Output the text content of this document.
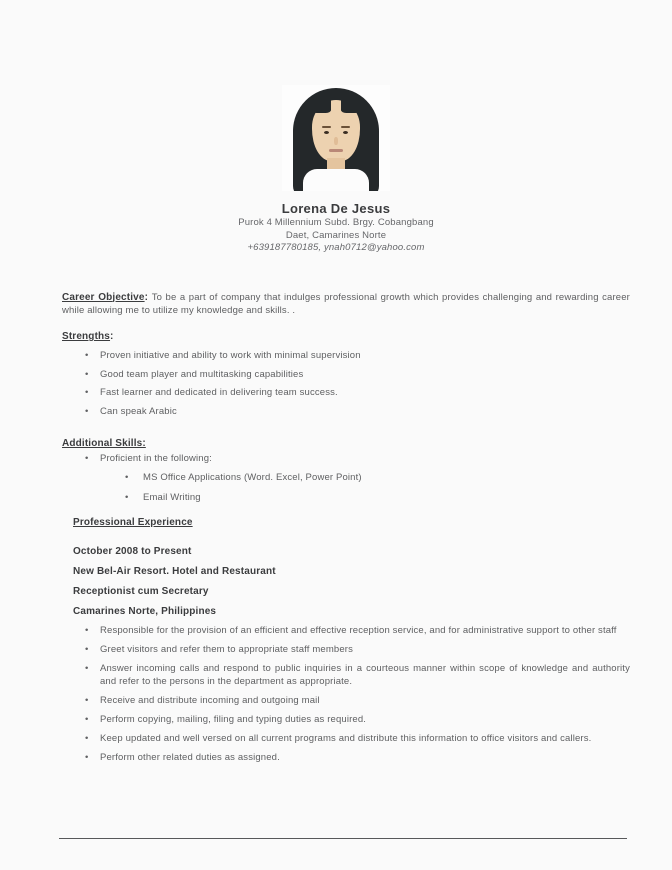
Lorena De Jesus
Purok 4 Millennium Subd. Brgy. Cobangbang
Daet, Camarines Norte
+639187780185, ynah0712@yahoo.com

Career Objective: To be a part of company that indulges professional growth which provides challenging and rewarding career while allowing me to utilize my knowledge and skills. .

Strengths:
• Proven initiative and ability to work with minimal supervision
• Good team player and multitasking capabilities
• Fast learner and dedicated in delivering team success.
• Can speak Arabic
Additional Skills:
• Proficient in the following:
• MS Office Applications (Word. Excel, Power Point)
• Email Writing
Professional Experience
October 2008 to Present
New Bel-Air Resort. Hotel and Restaurant
Receptionist cum Secretary
Camarines Norte, Philippines
• Responsible for the provision of an efficient and effective reception service, and for administrative support to other staff
• Greet visitors and refer them to appropriate staff members
• Answer incoming calls and respond to public inquiries in a courteous manner within scope of knowledge and authority and refer to the persons in the department as appropriate.
• Receive and distribute incoming and outgoing mail
• Perform copying, mailing, filing and typing duties as required.
• Keep updated and well versed on all current programs and distribute this information to office visitors and callers.
• Perform other related duties as assigned.
